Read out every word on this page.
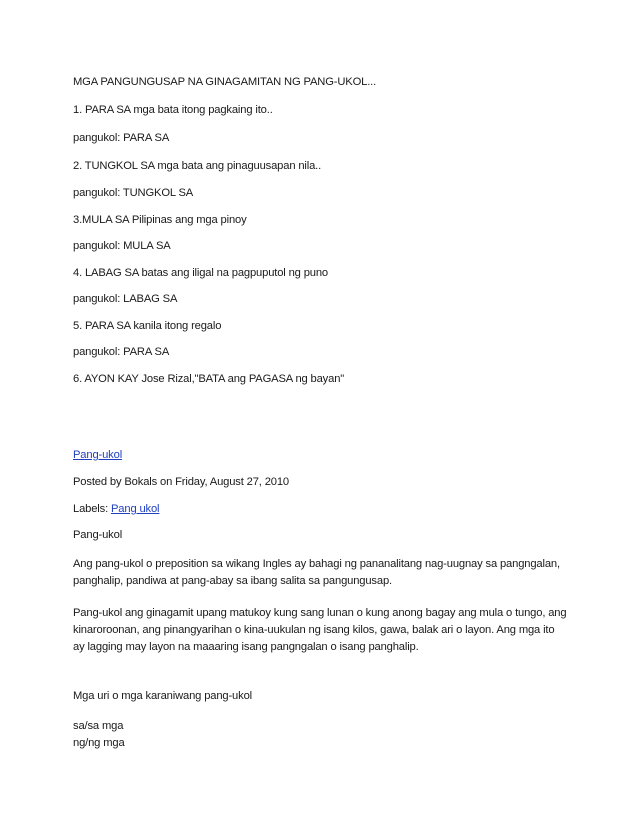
MGA PANGUNGUSAP NA GINAGAMITAN NG PANG-UKOL...
1. PARA SA mga bata itong pagkaing ito..
pangukol: PARA SA
2. TUNGKOL SA mga bata ang pinaguusapan nila..
pangukol: TUNGKOL SA
3.MULA SA Pilipinas ang mga pinoy
pangukol: MULA SA
4. LABAG SA batas ang iligal na pagpuputol ng puno
pangukol: LABAG SA
5. PARA SA kanila itong regalo
pangukol: PARA SA
6. AYON KAY Jose Rizal,"BATA ang PAGASA ng bayan"
Pang-ukol
Posted by Bokals on Friday, August 27, 2010
Labels: Pang ukol
Pang-ukol
Ang pang-ukol o preposition sa wikang Ingles ay bahagi ng pananalitang nag-uugnay sa pangngalan, panghalip, pandiwa at pang-abay sa ibang salita sa pangungusap.
Pang-ukol ang ginagamit upang matukoy kung sang lunan o kung anong bagay ang mula o tungo, ang kinaroroonan, ang pinangyarihan o kina-uukulan ng isang kilos, gawa, balak ari o layon. Ang mga ito ay lagging may layon na maaaring isang pangngalan o isang panghalip.
Mga uri o mga karaniwang pang-ukol
sa/sa mga
ng/ng mga
